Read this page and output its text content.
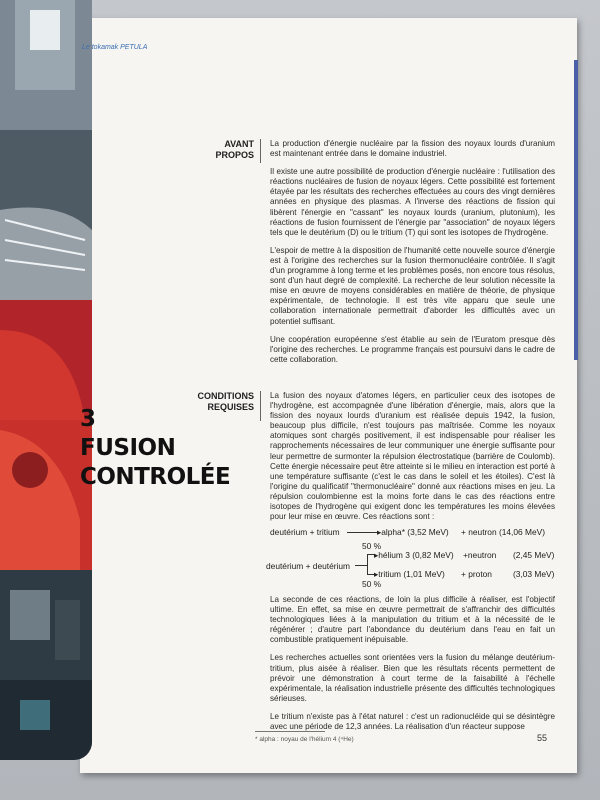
Le tokamak PETULA
3
FUSION
CONTROLÉE
AVANT
PROPOS

La production d'énergie nucléaire par la fission des noyaux lourds d'uranium est maintenant entrée dans le domaine industriel.

Il existe une autre possibilité de production d'énergie nucléaire : l'utilisation des réactions nucléaires de fusion de noyaux légers. Cette possibilité est fortement étayée par les résultats des recherches effectuées au cours des vingt dernières années en physique des plasmas. A l'inverse des réactions de fission qui libèrent l'énergie en "cassant" les noyaux lourds (uranium, plutonium), les réactions de fusion fournissent de l'énergie par "association" de noyaux légers tels que le deutérium (D) ou le tritium (T) qui sont les isotopes de l'hydrogène.

L'espoir de mettre à la disposition de l'humanité cette nouvelle source d'énergie est à l'origine des recherches sur la fusion thermonucléaire contrôlée. Il s'agit d'un programme à long terme et les problèmes posés, non encore tous résolus, sont d'un haut degré de complexité. La recherche de leur solution nécessite la mise en œuvre de moyens considérables en matière de théorie, de physique expérimentale, de technologie. Il est très vite apparu que seule une collaboration internationale permettrait d'aborder les difficultés avec un potentiel suffisant.

Une coopération européenne s'est établie au sein de l'Euratom presque dès l'origine des recherches. Le programme français est poursuivi dans le cadre de cette collaboration.

CONDITIONS
REQUISES

La fusion des noyaux d'atomes légers, en particulier ceux des isotopes de l'hydrogène, est accompagnée d'une libération d'énergie, mais, alors que la fission des noyaux lourds d'uranium est réalisée depuis 1942, la fusion, beaucoup plus difficile, n'est toujours pas maîtrisée. Comme les noyaux atomiques sont chargés positivement, il est indispensable pour réaliser les rapprochements nécessaires de leur communiquer une énergie suffisante pour leur permettre de surmonter la répulsion électrostatique (barrière de Coulomb). Cette énergie nécessaire peut être atteinte si le milieu en interaction est porté à une température suffisante (c'est le cas dans le soleil et les étoiles). C'est là l'origine du qualificatif "thermonucléaire" donné aux réactions mises en jeu. La répulsion coulombienne est la moins forte dans le cas des réactions entre isotopes de l'hydrogène qui exigent donc les températures les moins élevées pour leur mise en œuvre. Ces réactions sont :

deutérium + tritium	▸alpha* (3,52 MeV) + neutron (14,06 MeV)
50 %
deutérium + deutérium
▸hélium 3 (0,82 MeV) +neutron (2,45 MeV)
▸tritium (1,01 MeV) + proton	(3,03 MeV)
50 %

La seconde de ces réactions, de loin la plus difficile à réaliser, est l'objectif ultime. En effet, sa mise en œuvre permettrait de s'affranchir des difficultés technologiques liées à la manipulation du tritium et à la nécessité de le régénérer ; d'autre part l'abondance du deutérium dans l'eau en fait un combustible pratiquement inépuisable.

Les recherches actuelles sont orientées vers la fusion du mélange deutérium-tritium, plus aisée à réaliser. Bien que les résultats récents permettent de prévoir une démonstration à court terme de la faisabilité à l'échelle expérimentale, la réalisation industrielle présente des difficultés technologiques sérieuses.

Le tritium n'existe pas à l'état naturel : c'est un radionucléide qui se désintègre avec une période de 12,3 années. La réalisation d'un réacteur suppose

* alpha : noyau de l'hélium 4 (⁴He)	55
